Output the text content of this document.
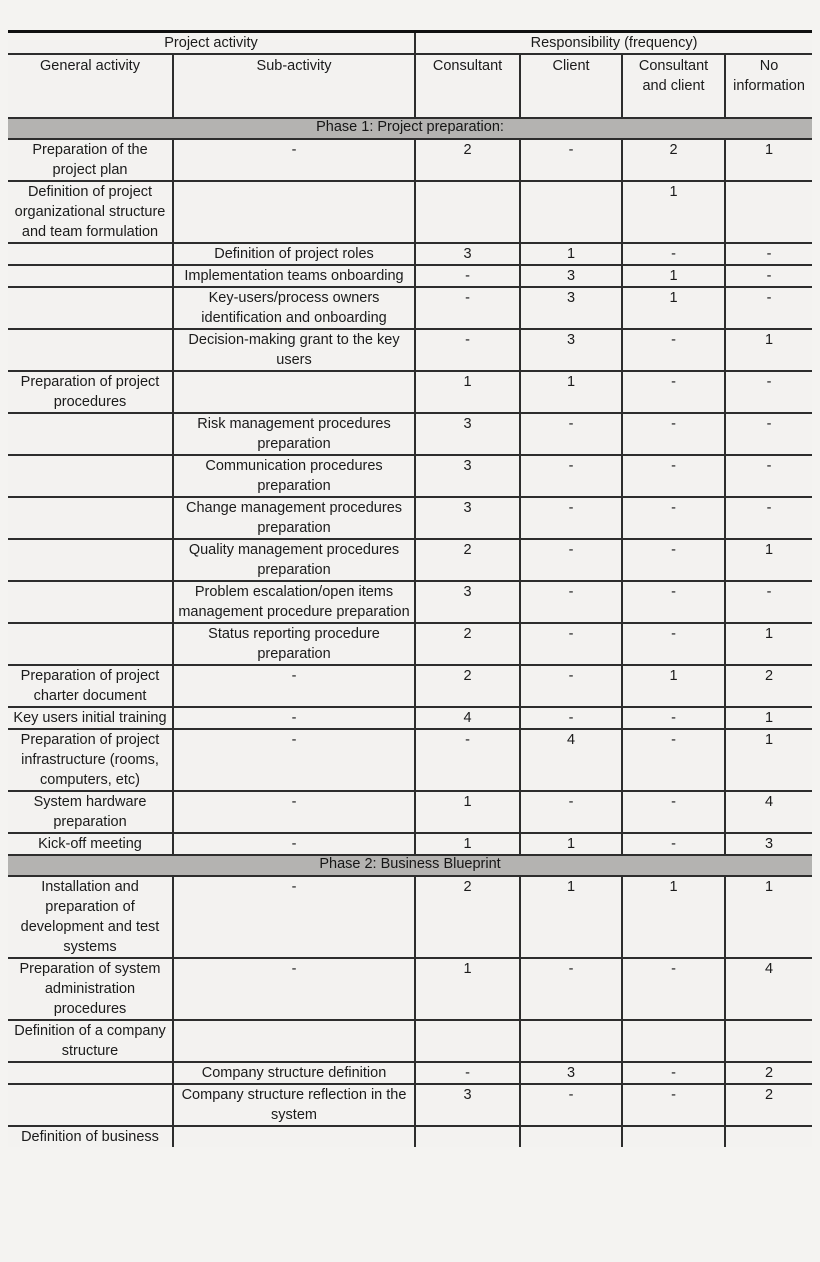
Project activity		Responsibility (frequency)			
General activity	Sub-activity	Consultant	Client	Consultant and client	No information
Phase 1: Project preparation:					
Preparation of the project plan	-	2	-	2	1
Definition of project organizational structure and team formulation				1	
	Definition of project roles	3	1	-	-
	Implementation teams onboarding	-	3	1	-
	Key-users/process owners identification and onboarding	-	3	1	-
	Decision-making grant to the key users	-	3	-	1
Preparation of project procedures		1	1	-	-
	Risk management procedures preparation	3	-	-	-
	Communication procedures preparation	3	-	-	-
	Change management procedures preparation	3	-	-	-
	Quality management procedures preparation	2	-	-	1
	Problem escalation/open items management procedure preparation	3	-	-	-
	Status reporting procedure preparation	2	-	-	1
Preparation of project charter document	-	2	-	1	2
Key users initial training	-	4	-	-	1
Preparation of project infrastructure (rooms, computers, etc)	-	-	4	-	1
System hardware preparation	-	1	-	-	4
Kick-off meeting	-	1	1	-	3
Phase 2: Business Blueprint					
Installation and preparation of development and test systems	-	2	1	1	1
Preparation of system administration procedures	-	1	-	-	4
Definition of a company structure					
	Company structure definition	-	3	-	2
	Company structure reflection in the system	3	-	-	2
Definition of business					
